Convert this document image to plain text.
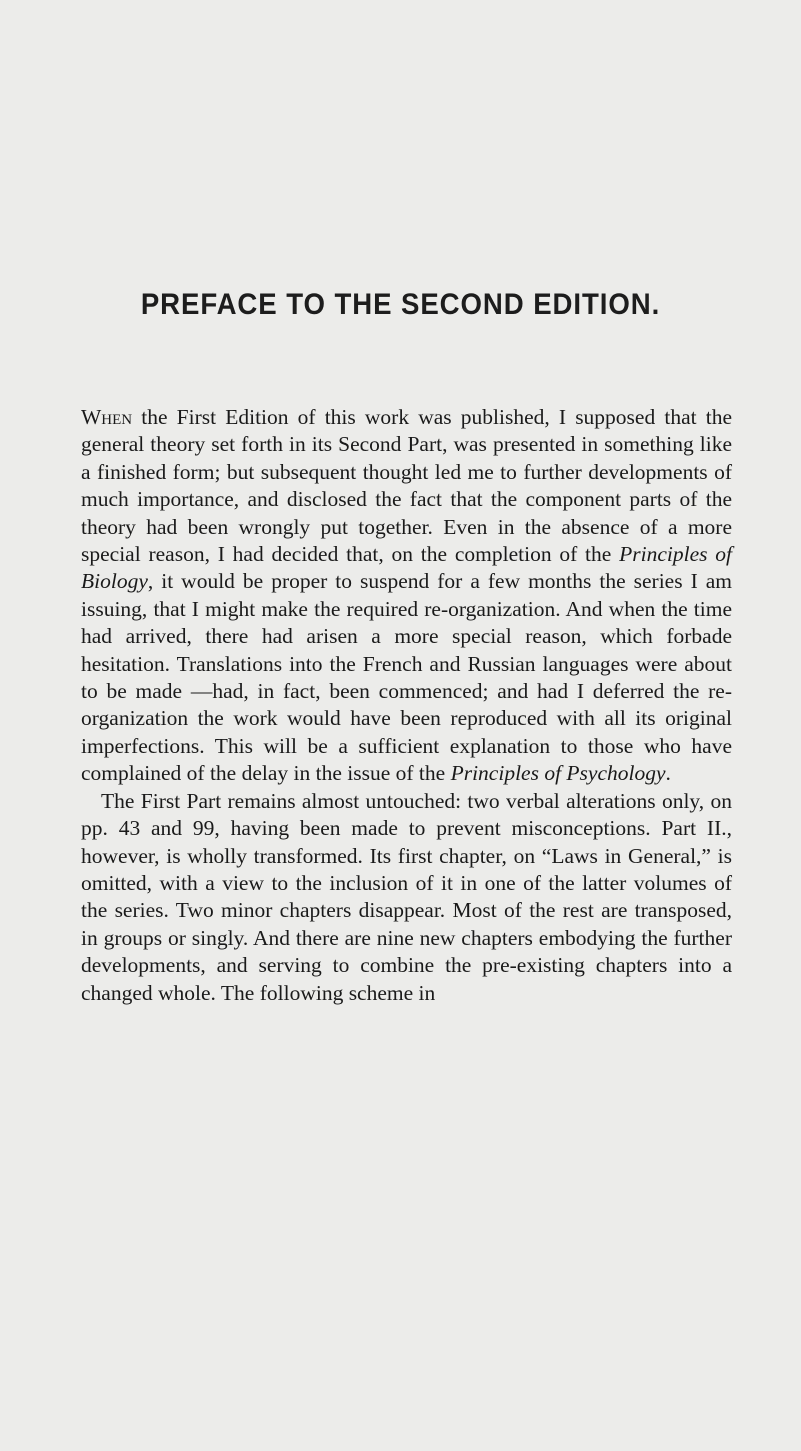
PREFACE TO THE SECOND EDITION.

When the First Edition of this work was published, I supposed that the general theory set forth in its Second Part, was presented in something like a finished form; but subsequent thought led me to further developments of much importance, and disclosed the fact that the component parts of the theory had been wrongly put together. Even in the absence of a more special reason, I had decided that, on the completion of the Principles of Biology, it would be proper to suspend for a few months the series I am issuing, that I might make the required re-organization. And when the time had arrived, there had arisen a more special reason, which forbade hesitation. Translations into the French and Russian languages were about to be made —had, in fact, been commenced; and had I deferred the re-organization the work would have been reproduced with all its original imperfections. This will be a sufficient explanation to those who have complained of the delay in the issue of the Principles of Psychology.

The First Part remains almost untouched: two verbal alterations only, on pp. 43 and 99, having been made to prevent misconceptions. Part II., however, is wholly transformed. Its first chapter, on “Laws in General,” is omitted, with a view to the inclusion of it in one of the latter volumes of the series. Two minor chapters disappear. Most of the rest are transposed, in groups or singly. And there are nine new chapters embodying the further developments, and serving to combine the pre-existing chapters into a changed whole. The following scheme in
